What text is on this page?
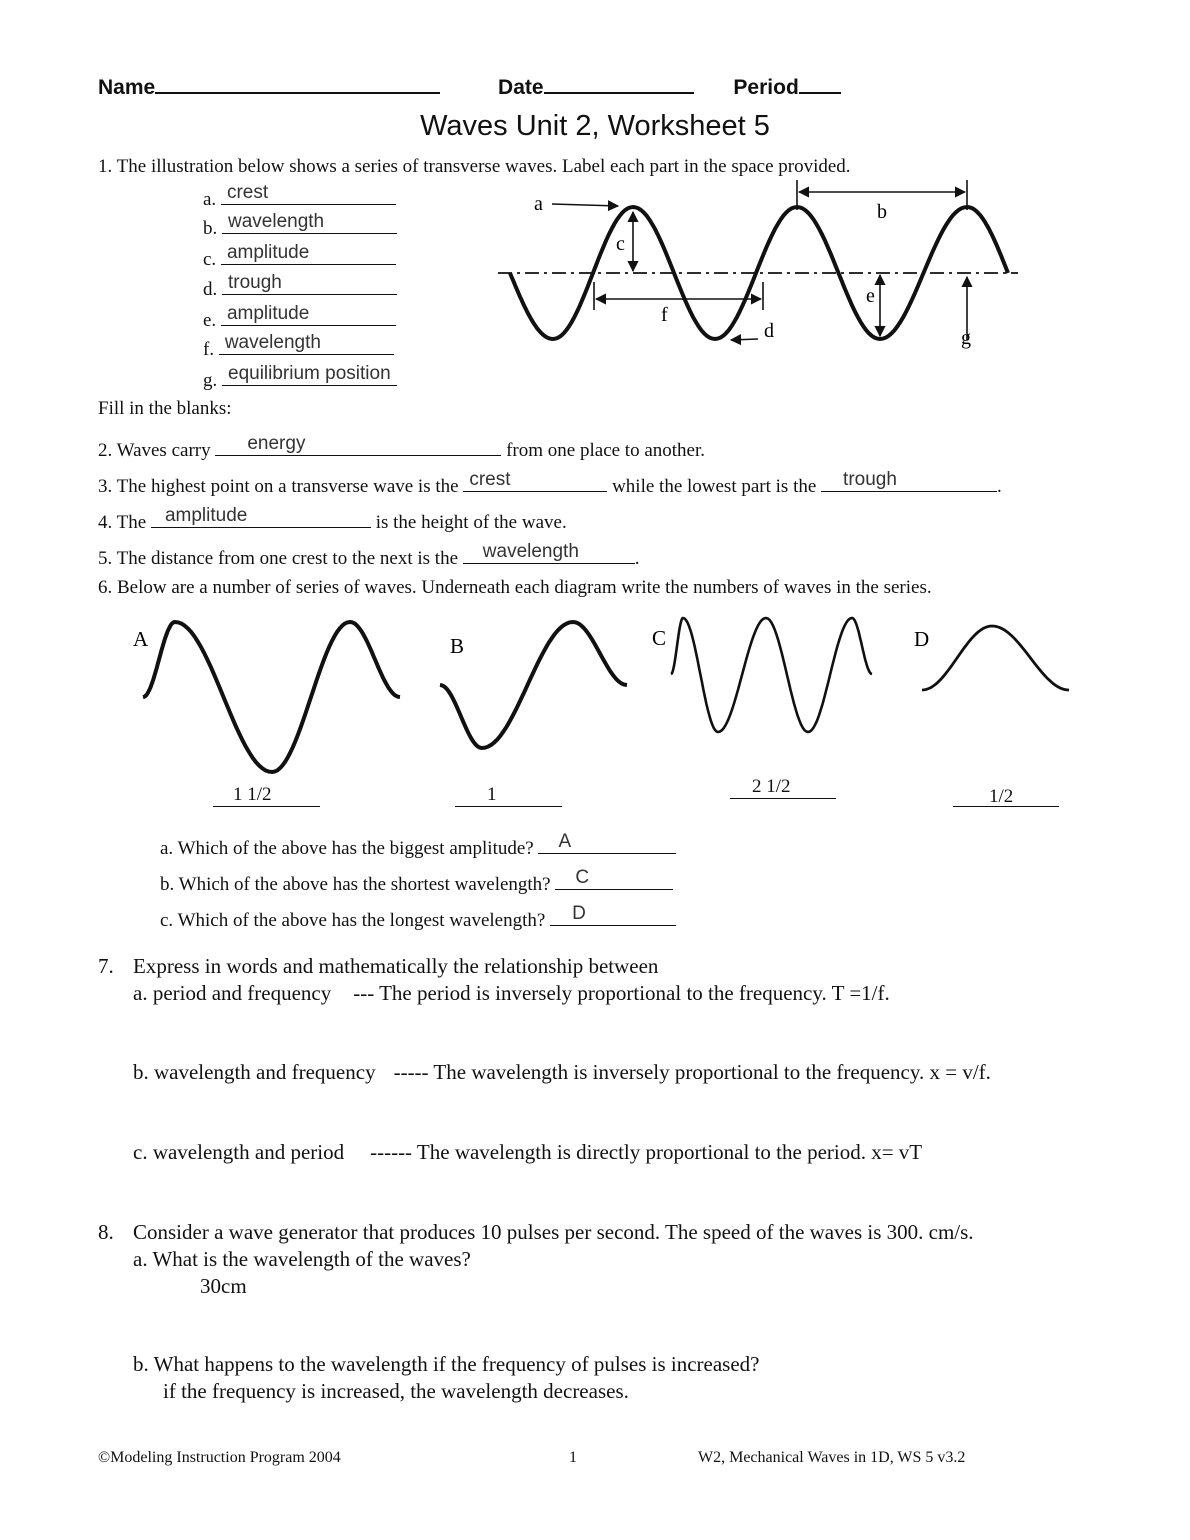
Name	Date	Period
Waves Unit 2, Worksheet 5
1. The illustration below shows a series of transverse waves. Label each part in the space provided.
a. crest
b. wavelength
c. amplitude
d. trough
e. amplitude
f. wavelength
g. equilibrium position
a
c
f
d
b
e
g
Fill in the blanks:
2. Waves carry energy	from one place to another.
3. The highest point on a transverse wave is the crest	while the lowest part is the trough	.
4. The amplitude	is the height of the wave.
5. The distance from one crest to the next is the wavelength	.
6. Below are a number of series of waves. Underneath each diagram write the numbers of waves in the series.
A	B	C	D
1 1/2	1	2 1/2	1/2
a. Which of the above has the biggest amplitude? A
b. Which of the above has the shortest wavelength? C
c. Which of the above has the longest wavelength? D
7. Express in words and mathematically the relationship between
a. period and frequency --- The period is inversely proportional to the frequency. T =1/f.
b. wavelength and frequency ----- The wavelength is inversely proportional to the frequency. x = v/f.
c. wavelength and period ------ The wavelength is directly proportional to the period. x= vT
8. Consider a wave generator that produces 10 pulses per second. The speed of the waves is 300. cm/s.
a. What is the wavelength of the waves?
30cm
b. What happens to the wavelength if the frequency of pulses is increased?
if the frequency is increased, the wavelength decreases.
©Modeling Instruction Program 2004	1	W2, Mechanical Waves in 1D, WS 5 v3.2
